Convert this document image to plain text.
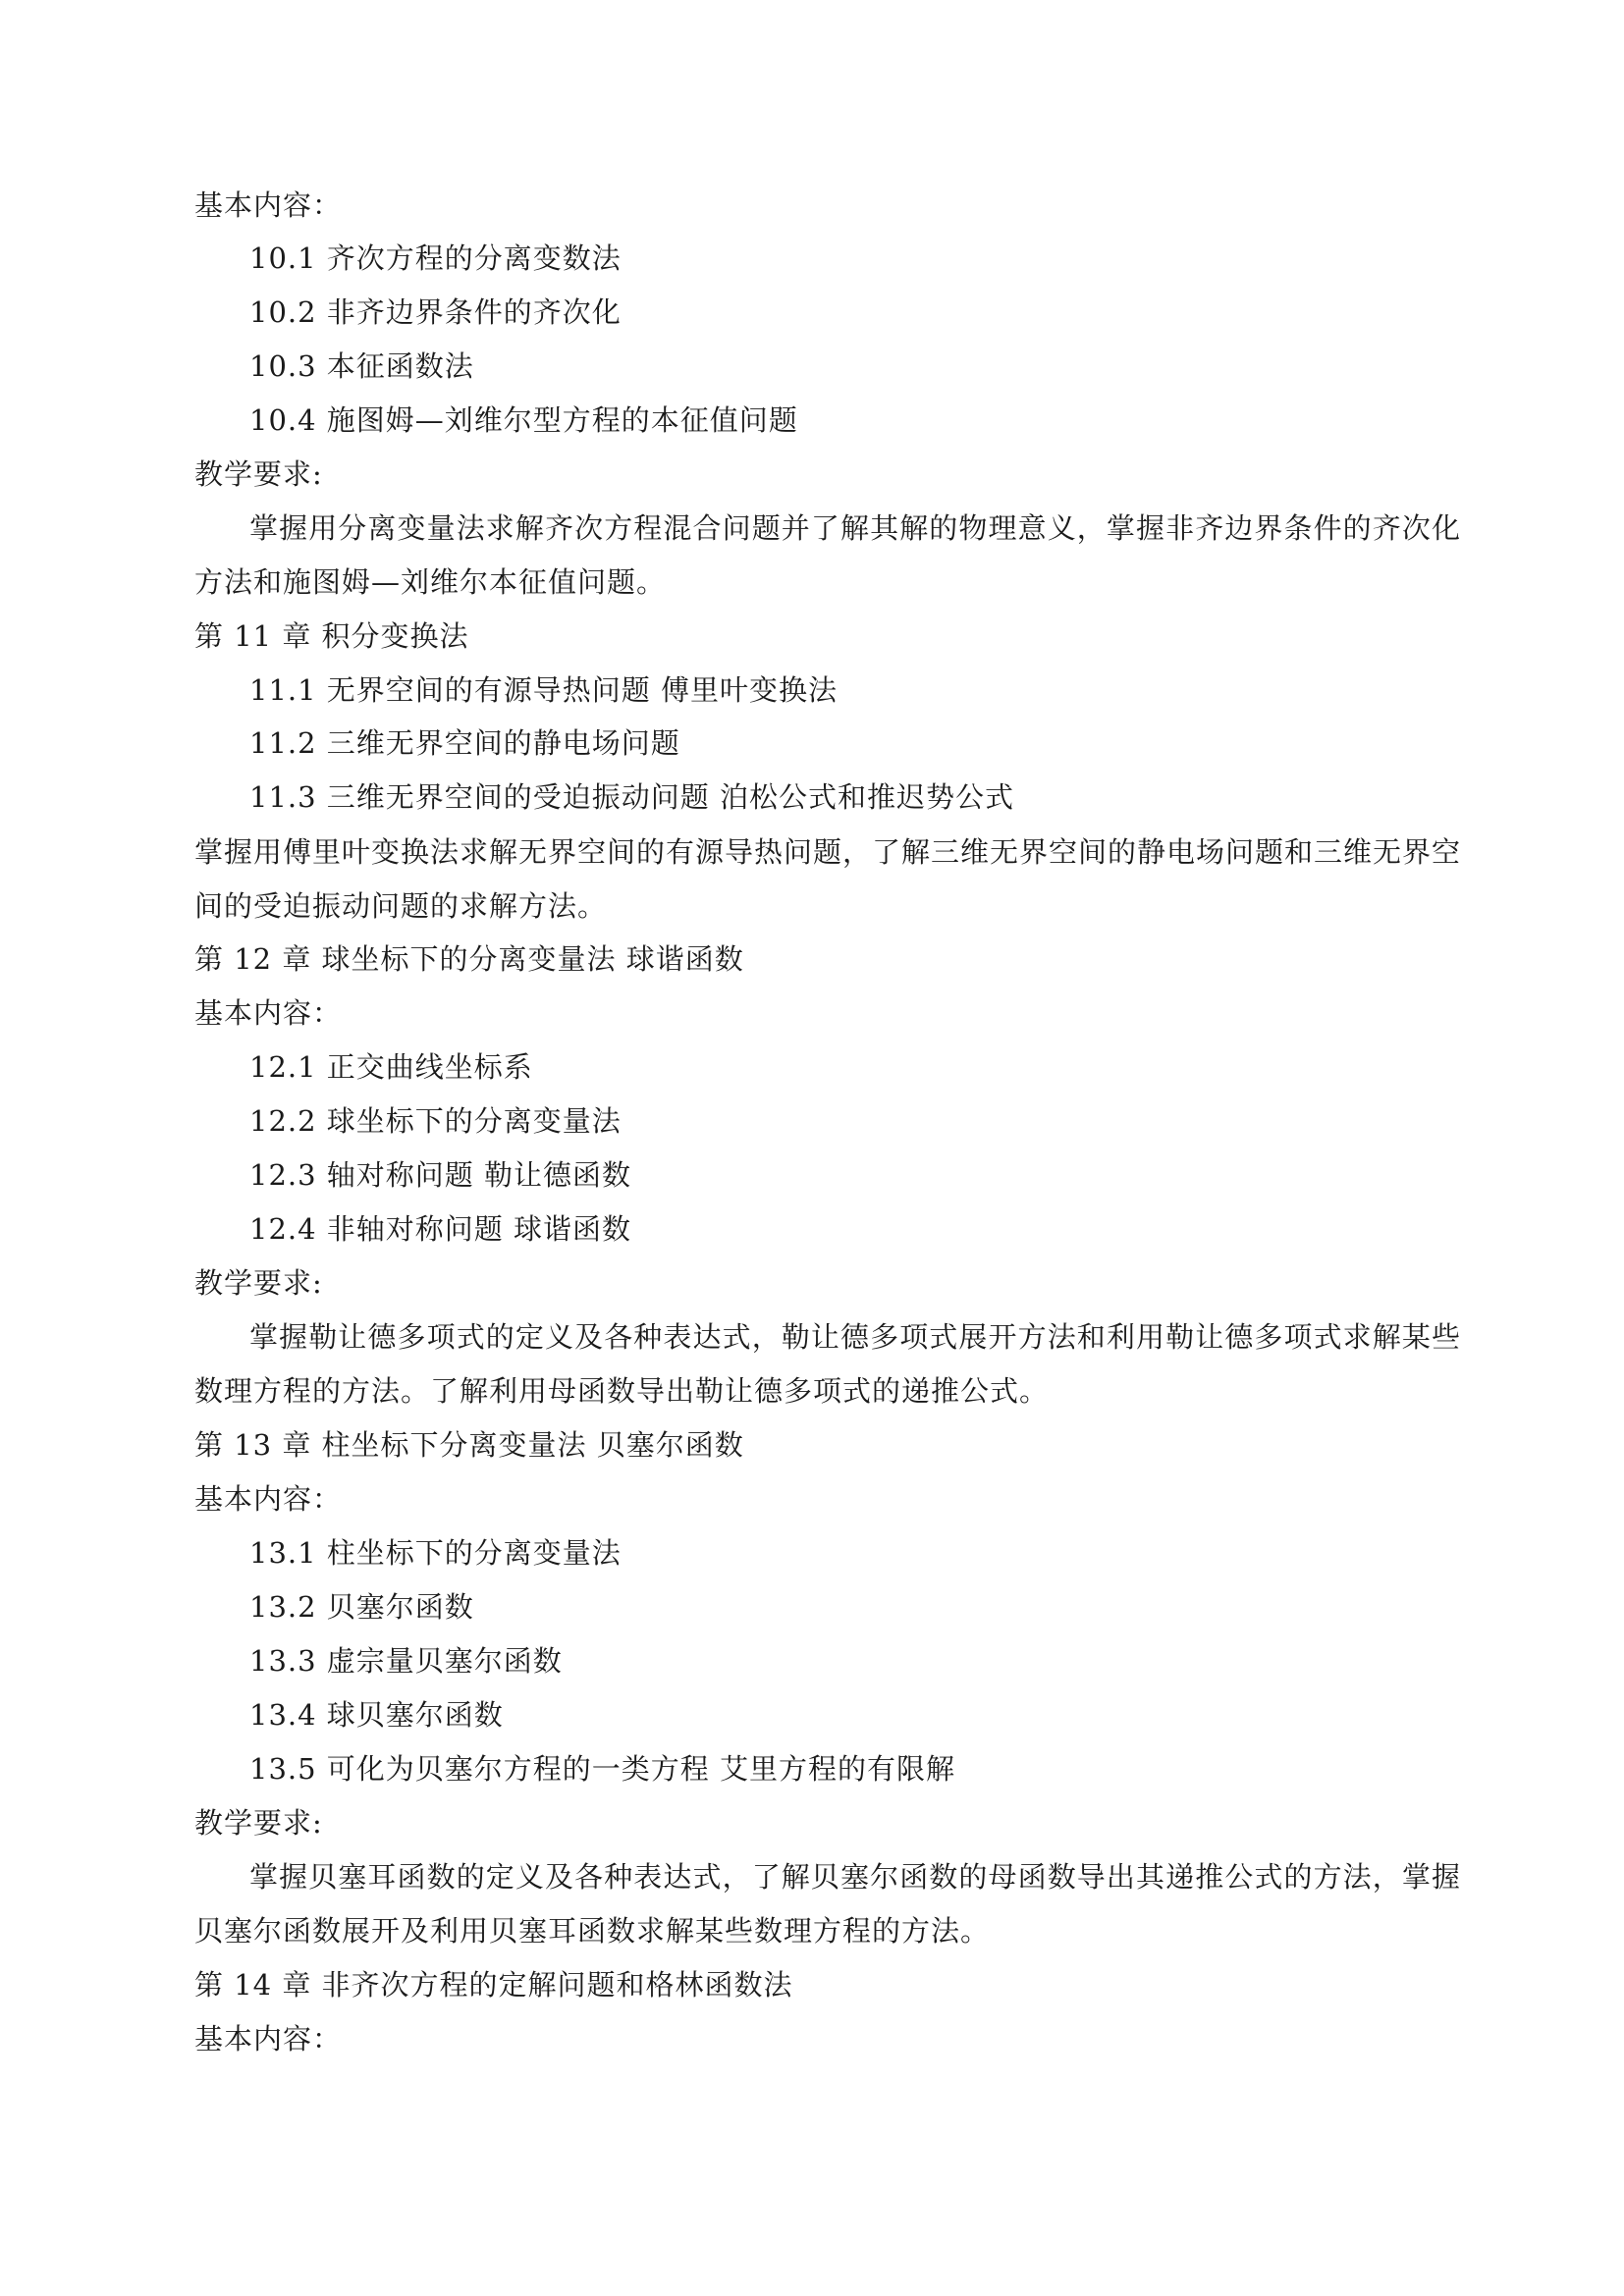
基本内容：
10.1 齐次方程的分离变数法
10.2 非齐边界条件的齐次化
10.3 本征函数法
10.4 施图姆—刘维尔型方程的本征值问题
教学要求:
掌握用分离变量法求解齐次方程混合问题并了解其解的物理意义，掌握非齐边界条件的齐次化方法和施图姆—刘维尔本征值问题。
第 11 章 积分变换法
11.1 无界空间的有源导热问题 傅里叶变换法
11.2 三维无界空间的静电场问题
11.3 三维无界空间的受迫振动问题 泊松公式和推迟势公式
掌握用傅里叶变换法求解无界空间的有源导热问题，了解三维无界空间的静电场问题和三维无界空间的受迫振动问题的求解方法。
第 12 章 球坐标下的分离变量法 球谐函数
基本内容：
12.1 正交曲线坐标系
12.2 球坐标下的分离变量法
12.3 轴对称问题 勒让德函数
12.4 非轴对称问题 球谐函数
教学要求:
掌握勒让德多项式的定义及各种表达式，勒让德多项式展开方法和利用勒让德多项式求解某些数理方程的方法。了解利用母函数导出勒让德多项式的递推公式。
第 13 章 柱坐标下分离变量法 贝塞尔函数
基本内容：
13.1 柱坐标下的分离变量法
13.2 贝塞尔函数
13.3 虚宗量贝塞尔函数
13.4 球贝塞尔函数
13.5 可化为贝塞尔方程的一类方程 艾里方程的有限解
教学要求:
掌握贝塞耳函数的定义及各种表达式，了解贝塞尔函数的母函数导出其递推公式的方法，掌握贝塞尔函数展开及利用贝塞耳函数求解某些数理方程的方法。
第 14 章 非齐次方程的定解问题和格林函数法
基本内容：
